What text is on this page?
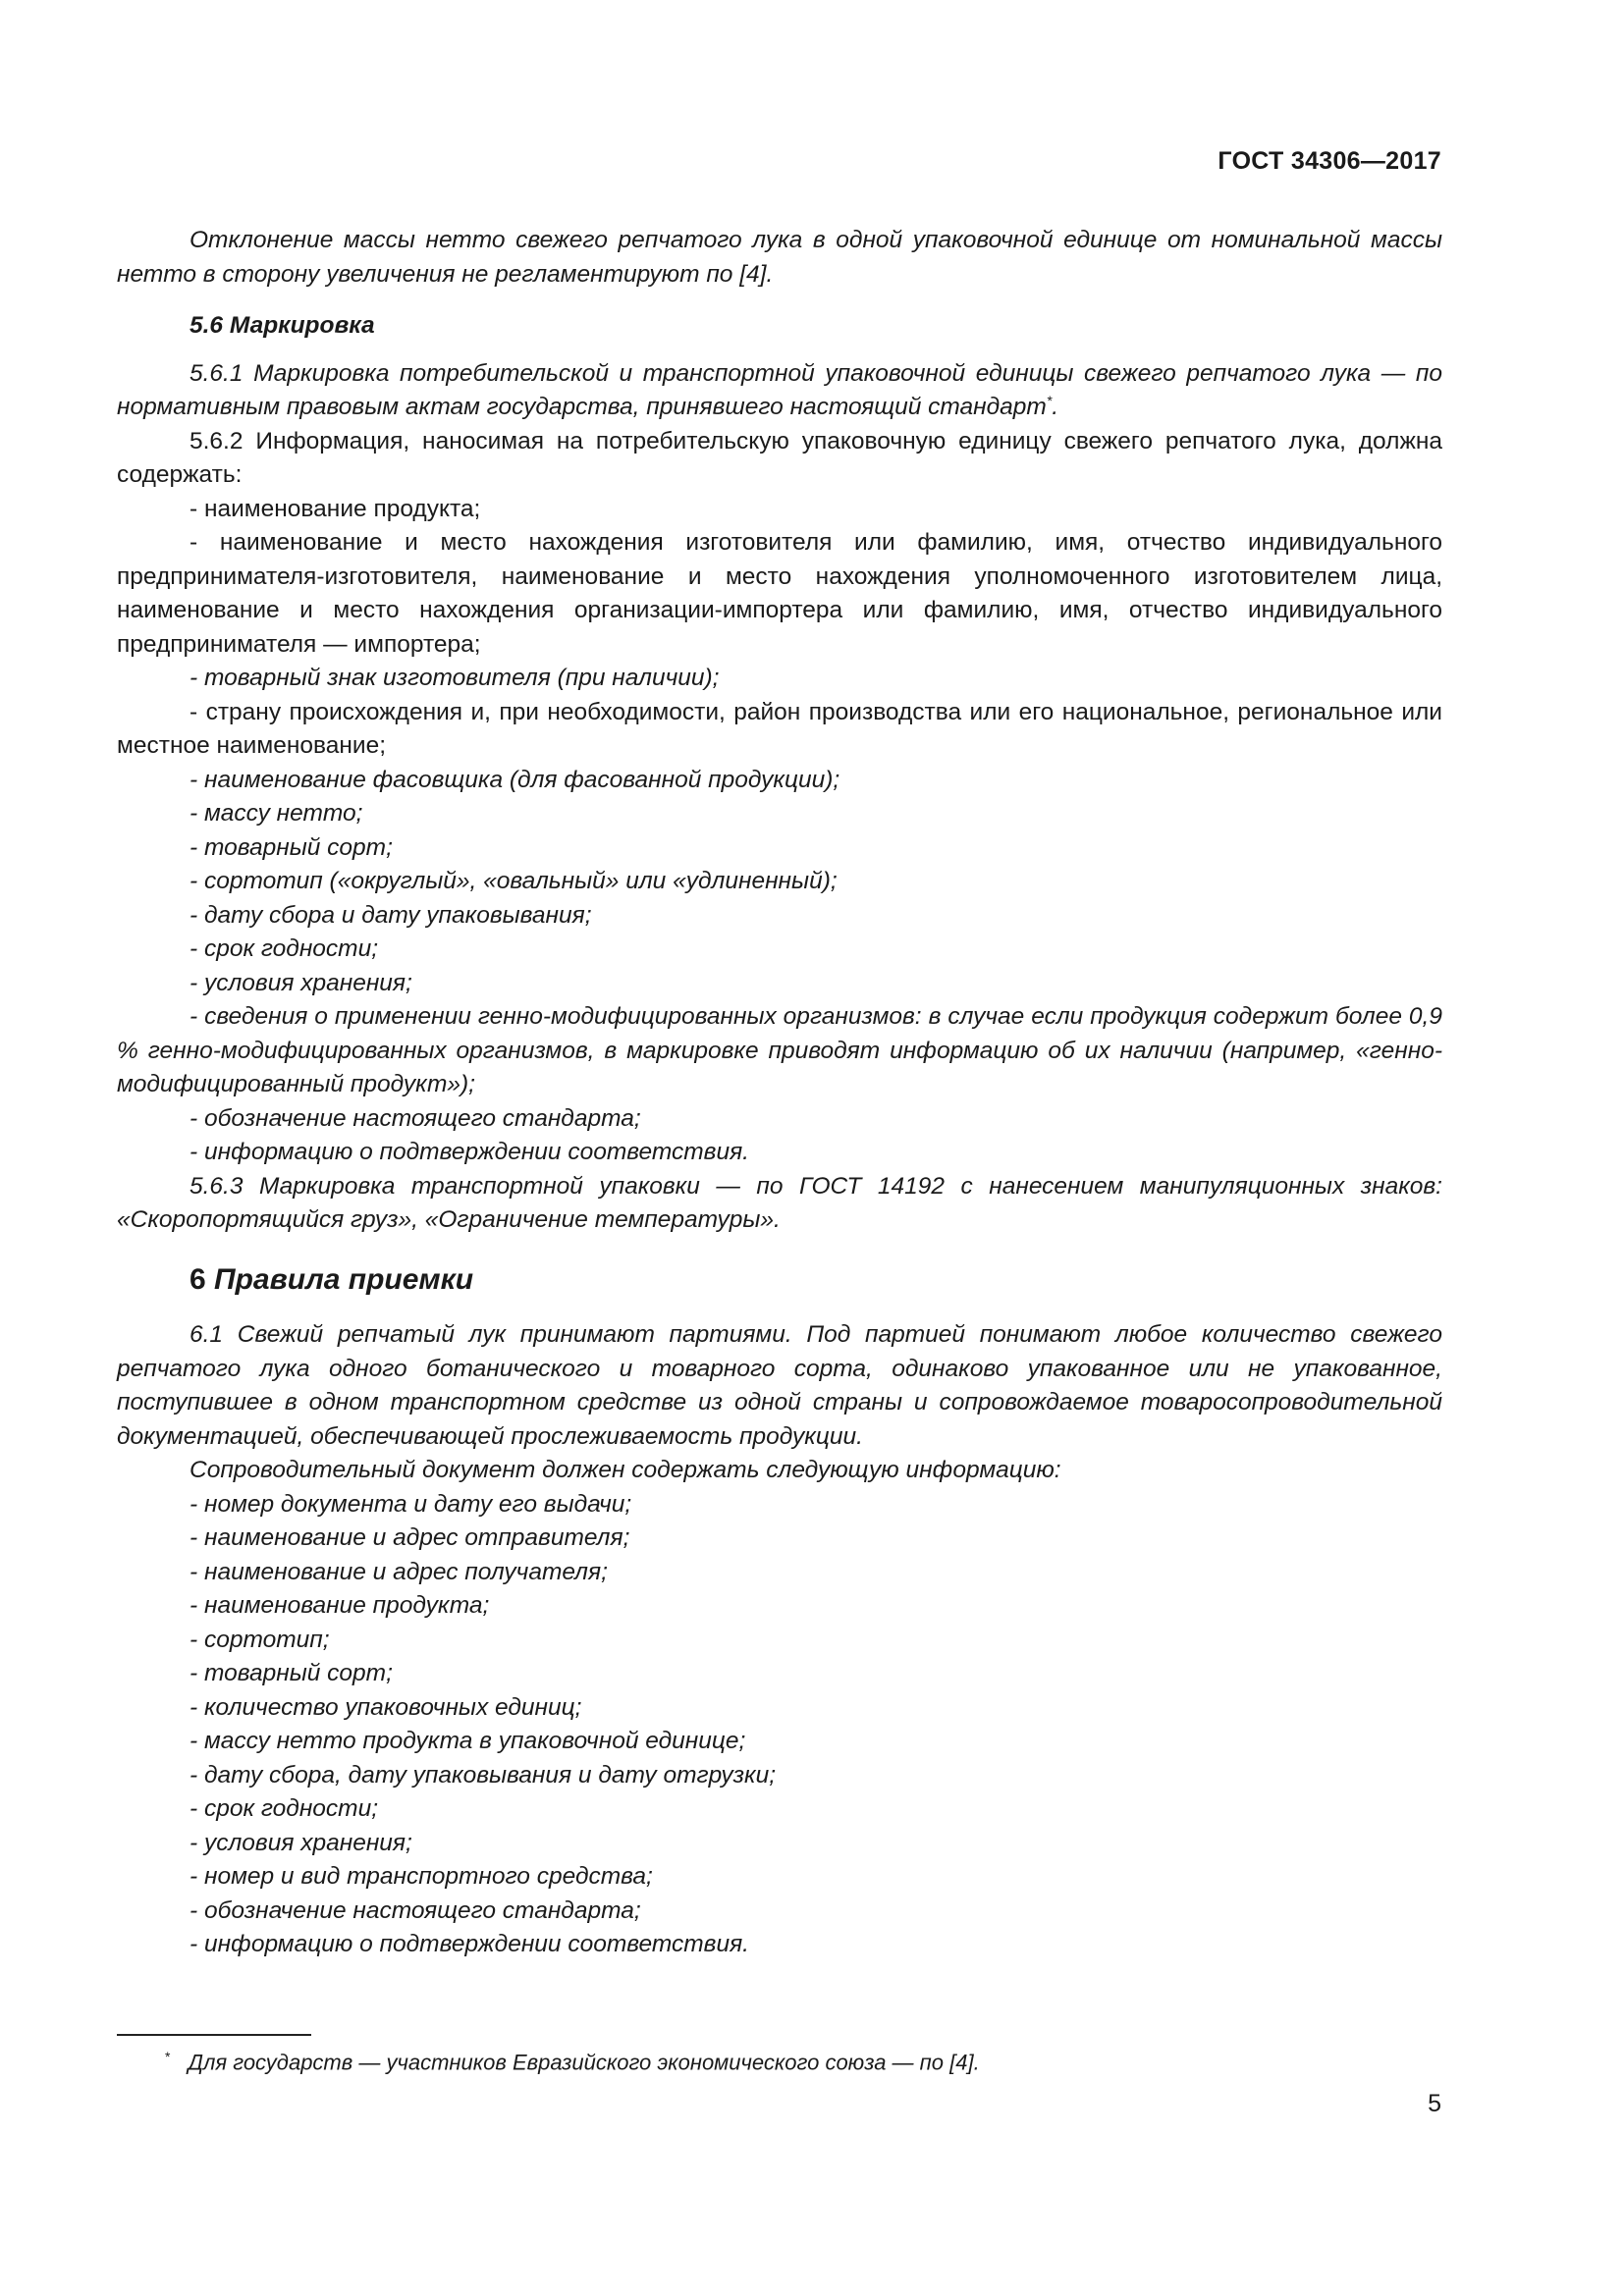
ГОСТ 34306—2017

Отклонение массы нетто свежего репчатого лука в одной упаковочной единице от номинальной массы нетто в сторону увеличения не регламентируют по [4].

5.6 Маркировка

5.6.1 Маркировка потребительской и транспортной упаковочной единицы свежего репчатого лука — по нормативным правовым актам государства, принявшего настоящий стандарт*.

5.6.2 Информация, наносимая на потребительскую упаковочную единицу свежего репчатого лука, должна содержать:

- наименование продукта;

- наименование и место нахождения изготовителя или фамилию, имя, отчество индивидуального предпринимателя-изготовителя, наименование и место нахождения уполномоченного изготовителем лица, наименование и место нахождения организации-импортера или фамилию, имя, отчество индивидуального предпринимателя — импортера;

- товарный знак изготовителя (при наличии);

- страну происхождения и, при необходимости, район производства или его национальное, региональное или местное наименование;

- наименование фасовщика (для фасованной продукции);

- массу нетто;

- товарный сорт;

- сортотип («округлый», «овальный» или «удлиненный);

- дату сбора и дату упаковывания;

- срок годности;

- условия хранения;

- сведения о применении генно-модифицированных организмов: в случае если продукция содержит более 0,9 % генно-модифицированных организмов, в маркировке приводят информацию об их наличии (например, «генно-модифицированный продукт»);

- обозначение настоящего стандарта;

- информацию о подтверждении соответствия.

5.6.3 Маркировка транспортной упаковки — по ГОСТ 14192 с нанесением манипуляционных знаков: «Скоропортящийся груз», «Ограничение температуры».

6 Правила приемки

6.1 Свежий репчатый лук принимают партиями. Под партией понимают любое количество свежего репчатого лука одного ботанического и товарного сорта, одинаково упакованное или не упакованное, поступившее в одном транспортном средстве из одной страны и сопровождаемое товаросопроводительной документацией, обеспечивающей прослеживаемость продукции.

Сопроводительный документ должен содержать следующую информацию:

- номер документа и дату его выдачи;

- наименование и адрес отправителя;

- наименование и адрес получателя;

- наименование продукта;

- сортотип;

- товарный сорт;

- количество упаковочных единиц;

- массу нетто продукта в упаковочной единице;

- дату сбора, дату упаковывания и дату отгрузки;

- срок годности;

- условия хранения;

- номер и вид транспортного средства;

- обозначение настоящего стандарта;

- информацию о подтверждении соответствия.

* Для государств — участников Евразийского экономического союза — по [4].
5
